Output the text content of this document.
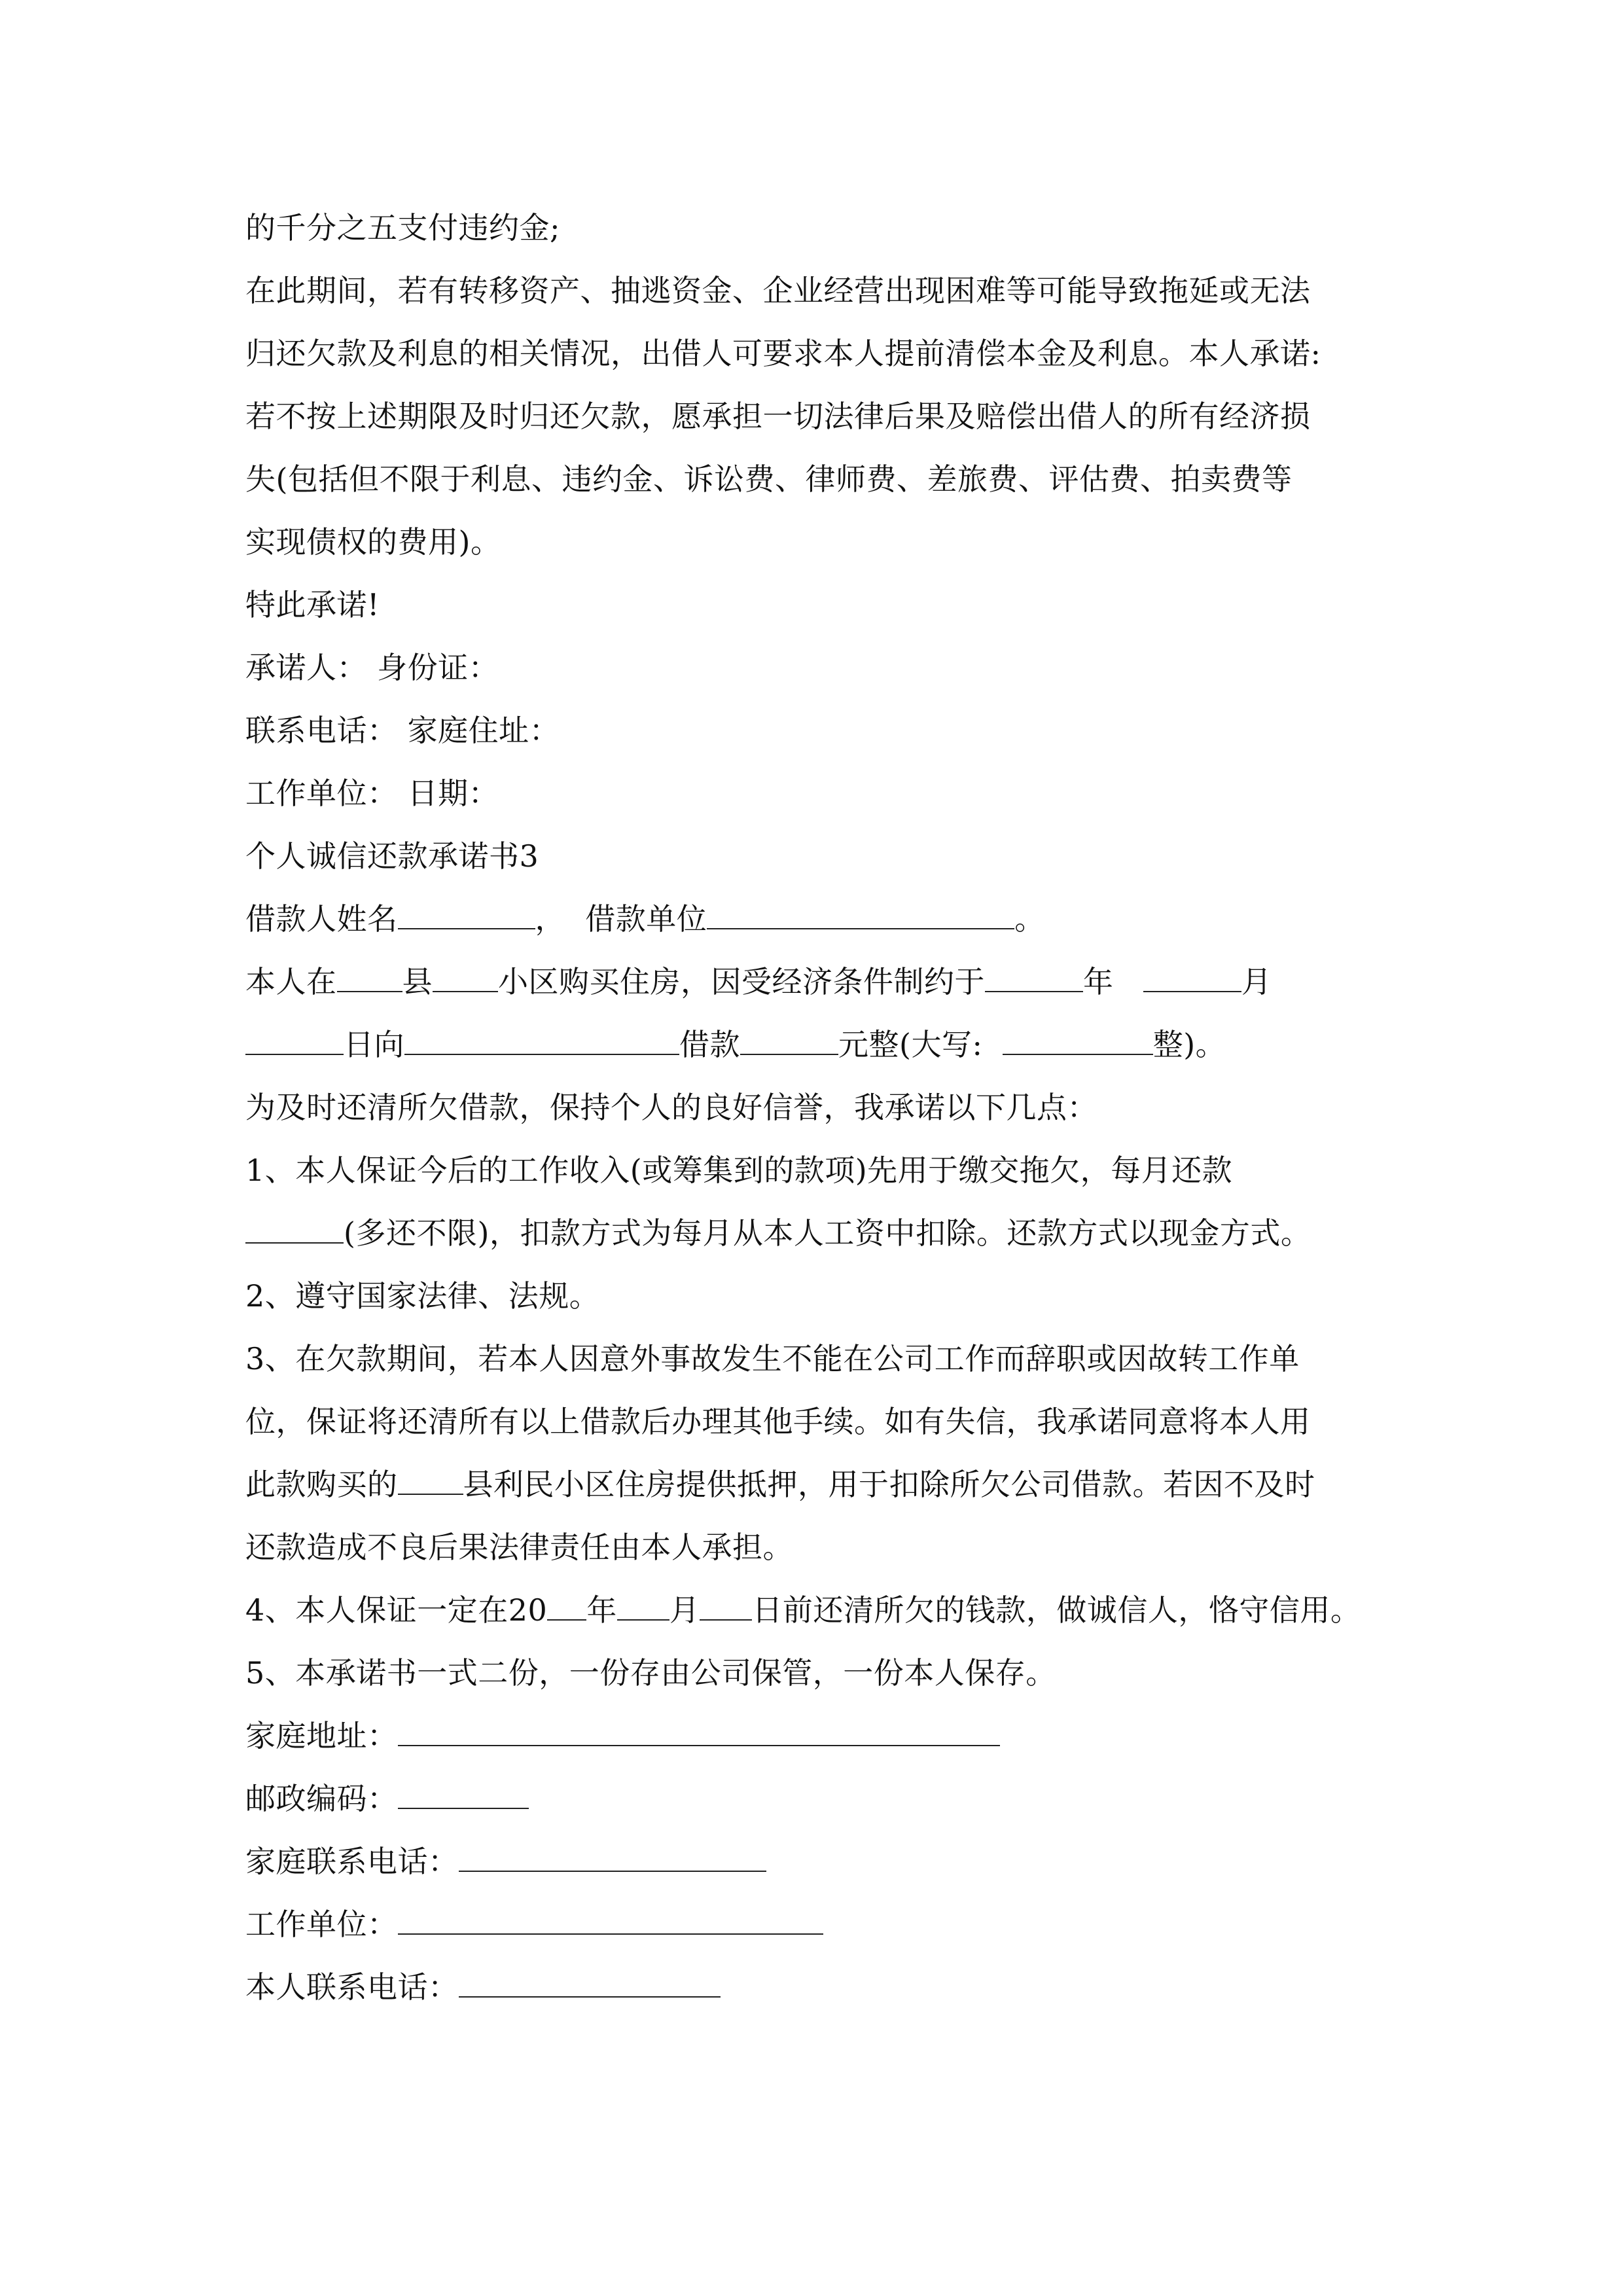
的千分之五支付违约金;
在此期间，若有转移资产、抽逃资金、企业经营出现困难等可能导致拖延或无法
归还欠款及利息的相关情况，出借人可要求本人提前清偿本金及利息。本人承诺:
若不按上述期限及时归还欠款，愿承担一切法律后果及赔偿出借人的所有经济损
失(包括但不限于利息、违约金、诉讼费、律师费、差旅费、评估费、拍卖费等
实现债权的费用)。
特此承诺!
承诺人： 身份证：
联系电话： 家庭住址：
工作单位： 日期：
个人诚信还款承诺书3
借款人姓名	， 借款单位	。
本人在 县 小区购买住房，因受经济条件制约于	年	月
日向	借款	元整(大写:	整)。
为及时还清所欠借款，保持个人的良好信誉，我承诺以下几点：
1、本人保证今后的工作收入(或筹集到的款项)先用于缴交拖欠，每月还款
(多还不限)，扣款方式为每月从本人工资中扣除。还款方式以现金方式。
2、遵守国家法律、法规。
3、在欠款期间，若本人因意外事故发生不能在公司工作而辞职或因故转工作单
位，保证将还清所有以上借款后办理其他手续。如有失信，我承诺同意将本人用
此款购买的 县利民小区住房提供抵押，用于扣除所欠公司借款。若因不及时
还款造成不良后果法律责任由本人承担。
4、本人保证一定在20 年 月 日前还清所欠的钱款，做诚信人，恪守信用。
5、本承诺书一式二份，一份存由公司保管，一份本人保存。
家庭地址：
邮政编码：
家庭联系电话：
工作单位：
本人联系电话：
